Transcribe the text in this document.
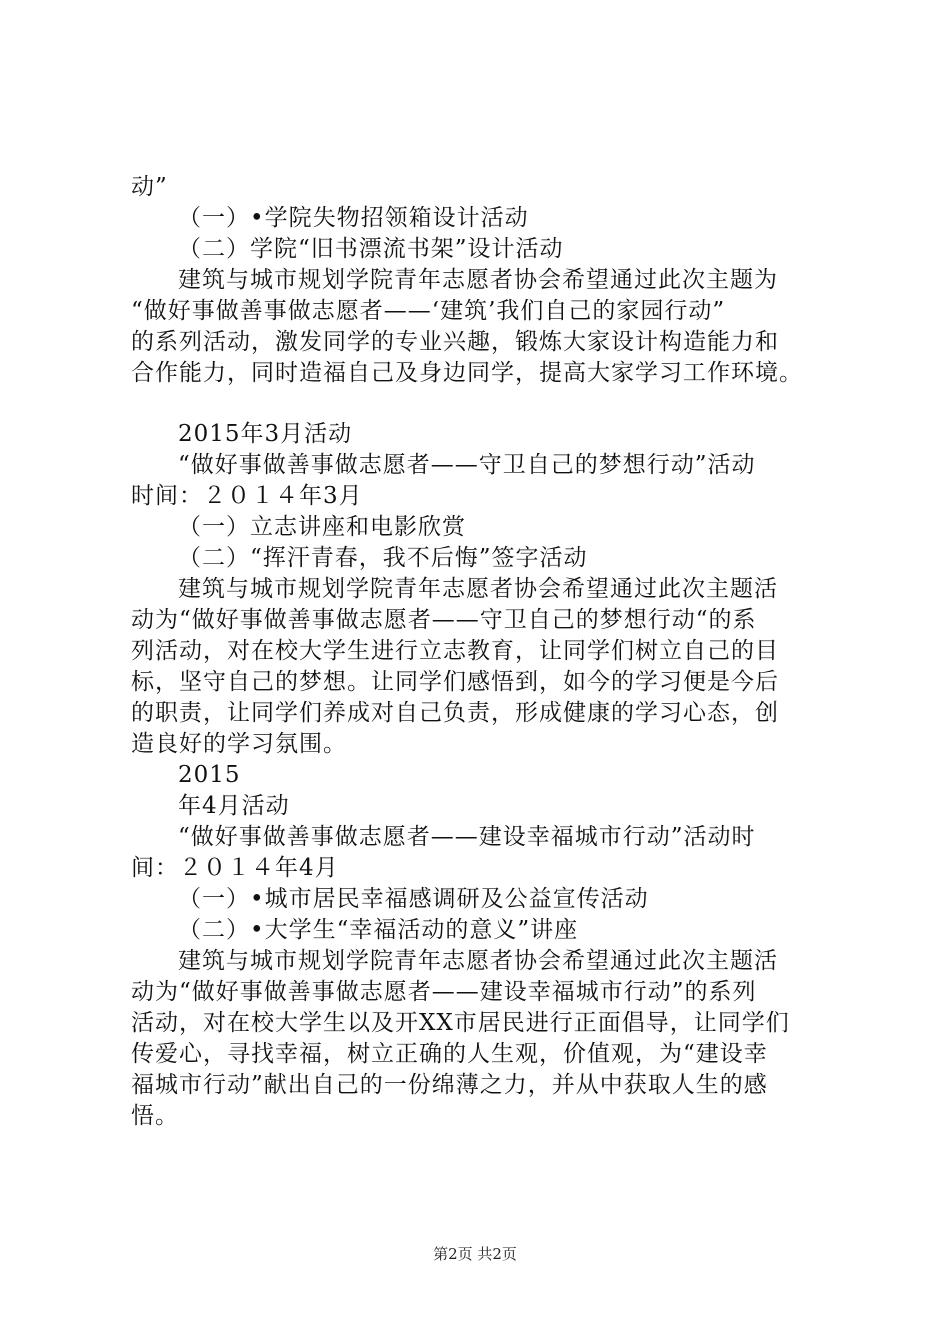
动”
（一）•学院失物招领箱设计活动
（二）学院“旧书漂流书架”设计活动
建筑与城市规划学院青年志愿者协会希望通过此次主题为
“做好事做善事做志愿者——‘建筑’我们自己的家园行动”
的系列活动，激发同学的专业兴趣，锻炼大家设计构造能力和
合作能力，同时造福自己及身边同学，提高大家学习工作环境。
2015年3月活动
“做好事做善事做志愿者——守卫自己的梦想行动”活动
时间：２０１４年3月
（一）立志讲座和电影欣赏
（二）“挥汗青春，我不后悔”签字活动
建筑与城市规划学院青年志愿者协会希望通过此次主题活
动为“做好事做善事做志愿者——守卫自己的梦想行动“的系
列活动，对在校大学生进行立志教育，让同学们树立自己的目
标，坚守自己的梦想。让同学们感悟到，如今的学习便是今后
的职责，让同学们养成对自己负责，形成健康的学习心态，创
造良好的学习氛围。
2015
年4月活动
“做好事做善事做志愿者——建设幸福城市行动”活动时
间：２０１４年4月
（一）•城市居民幸福感调研及公益宣传活动
（二）•大学生“幸福活动的意义”讲座
建筑与城市规划学院青年志愿者协会希望通过此次主题活
动为“做好事做善事做志愿者——建设幸福城市行动”的系列
活动，对在校大学生以及开XX市居民进行正面倡导，让同学们
传爱心，寻找幸福，树立正确的人生观，价值观，为“建设幸
福城市行动”献出自己的一份绵薄之力，并从中获取人生的感
悟。
第2页 共2页
